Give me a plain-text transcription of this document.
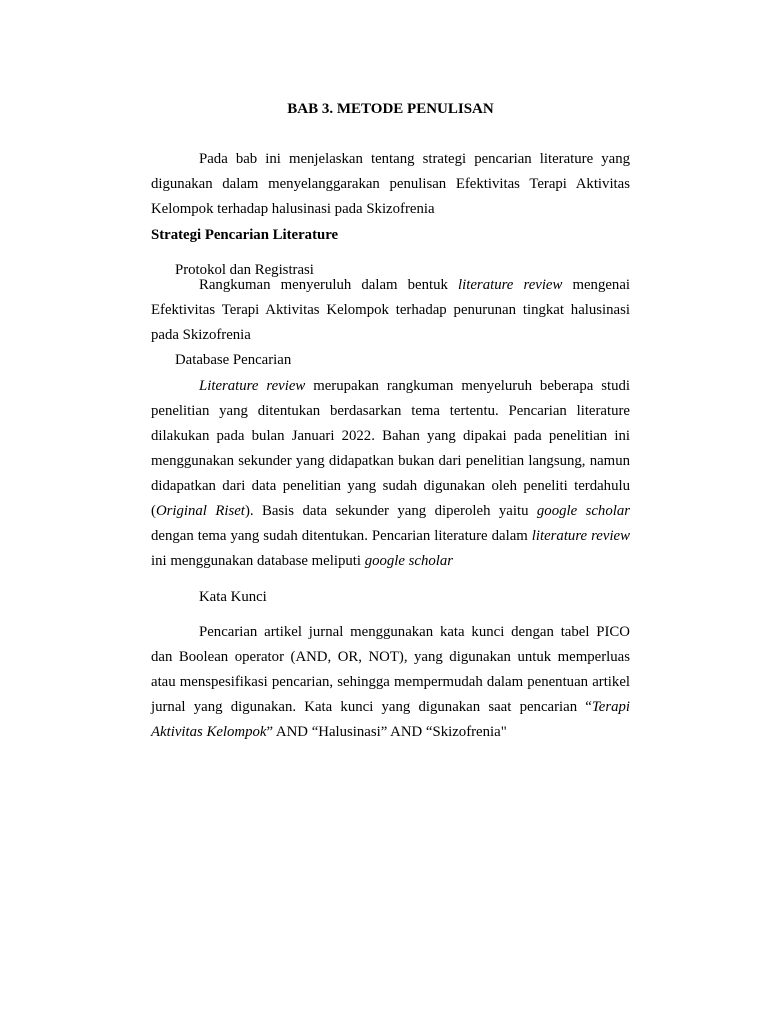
BAB 3. METODE PENULISAN

Pada bab ini menjelaskan tentang strategi pencarian literature yang digunakan dalam menyelanggarakan penulisan Efektivitas Terapi Aktivitas Kelompok terhadap halusinasi pada Skizofrenia

Strategi Pencarian Literature

Protokol dan Registrasi

Rangkuman menyeruluh dalam bentuk literature review mengenai Efektivitas Terapi Aktivitas Kelompok terhadap penurunan tingkat halusinasi pada Skizofrenia

Database Pencarian

Literature review merupakan rangkuman menyeluruh beberapa studi penelitian yang ditentukan berdasarkan tema tertentu. Pencarian literature dilakukan pada bulan Januari 2022. Bahan yang dipakai pada penelitian ini menggunakan sekunder yang didapatkan bukan dari penelitian langsung, namun didapatkan dari data penelitian yang sudah digunakan oleh peneliti terdahulu (Original Riset). Basis data sekunder yang diperoleh yaitu google scholar dengan tema yang sudah ditentukan. Pencarian literature dalam literature review ini menggunakan database meliputi google scholar

Kata Kunci

Pencarian artikel jurnal menggunakan kata kunci dengan tabel PICO dan Boolean operator (AND, OR, NOT), yang digunakan untuk memperluas atau menspesifikasi pencarian, sehingga mempermudah dalam penentuan artikel jurnal yang digunakan. Kata kunci yang digunakan saat pencarian “Terapi Aktivitas Kelompok” AND “Halusinasi” AND “Skizofrenia"
